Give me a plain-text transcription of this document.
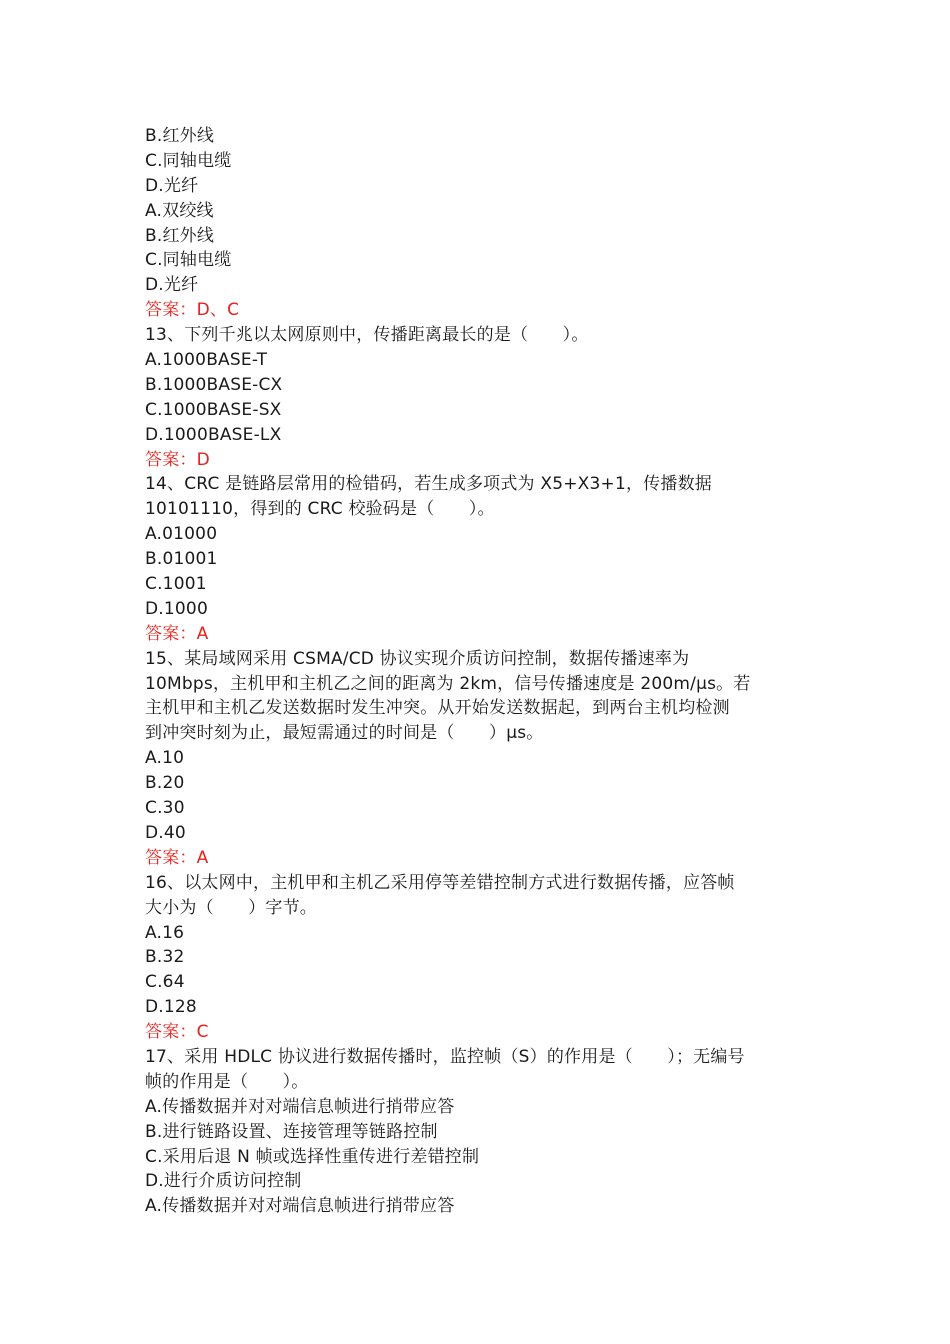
B.红外线
C.同轴电缆
D.光纤
A.双绞线
B.红外线
C.同轴电缆
D.光纤
答案：D、C
13、下列千兆以太网原则中，传播距离最长的是（　　）。
A.1000BASE-T
B.1000BASE-CX
C.1000BASE-SX
D.1000BASE-LX
答案：D
14、CRC 是链路层常用的检错码，若生成多项式为 X5+X3+1，传播数据
10101110，得到的 CRC 校验码是（　　）。
A.01000
B.01001
C.1001
D.1000
答案：A
15、某局域网采用 CSMA/CD 协议实现介质访问控制，数据传播速率为
10Mbps，主机甲和主机乙之间的距离为 2km，信号传播速度是 200m/μs。若
主机甲和主机乙发送数据时发生冲突。从开始发送数据起，到两台主机均检测
到冲突时刻为止，最短需通过的时间是（　　）μs。
A.10
B.20
C.30
D.40
答案：A
16、以太网中，主机甲和主机乙采用停等差错控制方式进行数据传播，应答帧
大小为（　　）字节。
A.16
B.32
C.64
D.128
答案：C
17、采用 HDLC 协议进行数据传播时，监控帧（S）的作用是（　　）；无编号
帧的作用是（　　）。
A.传播数据并对对端信息帧进行捎带应答
B.进行链路设置、连接管理等链路控制
C.采用后退 N 帧或选择性重传进行差错控制
D.进行介质访问控制
A.传播数据并对对端信息帧进行捎带应答
